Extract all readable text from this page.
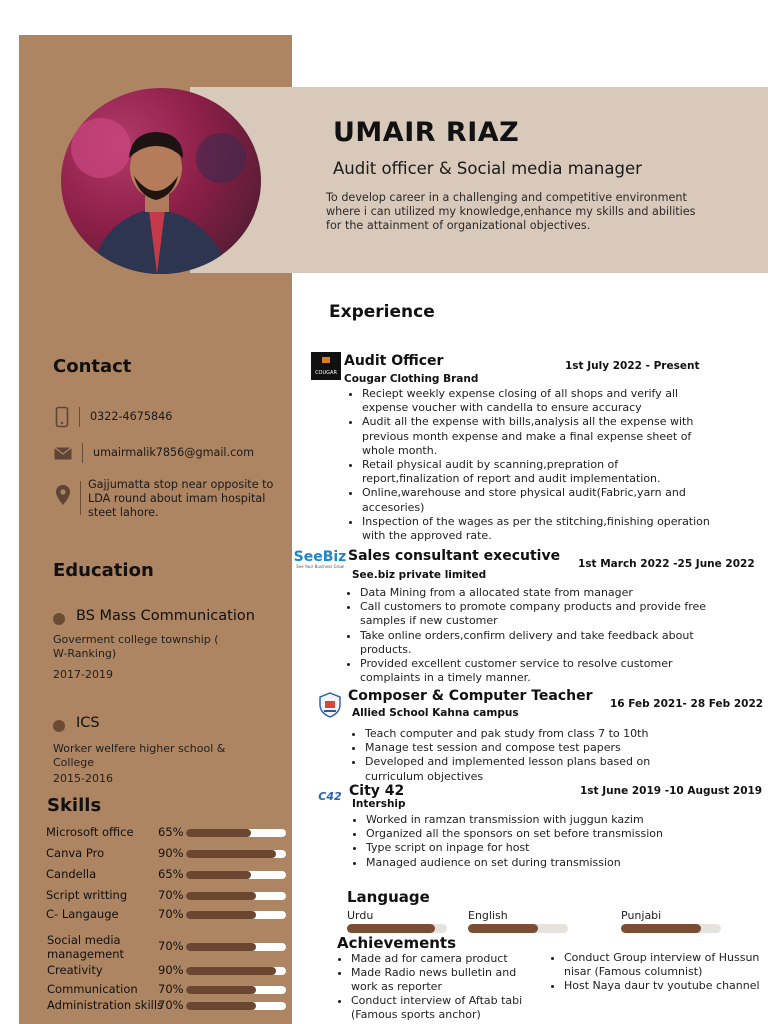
UMAIR RIAZ
Audit officer & Social media manager
To develop career in a challenging and competitive environment where i can utilized my knowledge,enhance my skills and abilities for the attainment of organizational objectives.
Contact
0322-4675846
umairmalik7856@gmail.com
Gajjumatta stop near opposite to LDA round about imam hospital steet lahore.
Education
BS Mass Communication
Goverment college township ( W-Ranking)
2017-2019
ICS
Worker welfere higher school & College
2015-2016
Skills
Microsoft office 65%
Canva Pro	90%
Candella	65%
Script writting	70%
C- Langauge	70%
Social media management
70%
Creativity	90%
Communication 70%
Administration skills
70%
Experience
COUGAR
Audit Officer	1st July 2022 - Present
Cougar Clothing Brand
• Reciept weekly expense closing of all shops and verify all expense voucher with candella to ensure accuracy
• Audit all the expense with bills,analysis all the expense with previous month expense and make a final expense sheet of whole month.
• Retail physical audit by scanning,prepration of report,finalization of report and audit implementation.
• Online,warehouse and store physical audit(Fabric,yarn and accesories)
• Inspection of the wages as per the stitching,finishing operation with the approved rate.
SeeBiz
See Your Business Grow
Sales consultant executive 1st March 2022 -25 June 2022
See.biz private limited
• Data Mining from a allocated state from manager
• Call customers to promote company products and provide free samples if new customer
• Take online orders,confirm delivery and take feedback about products.
• Provided excellent customer service to resolve customer complaints in a timely manner.
Composer & Computer Teacher 16 Feb 2021- 28 Feb 2022
Allied School Kahna campus
• Teach computer and pak study from class 7 to 10th
• Manage test session and compose test papers
• Developed and implemented lesson plans based on curriculum objectives
C42 City 42	1st June 2019 -10 August 2019
Intership
• Worked in ramzan transmission with juggun kazim
• Organized all the sponsors on set before transmission
• Type script on inpage for host
• Managed audience on set during transmission
Language
Urdu	English	Punjabi
Achievements
• Made ad for camera product
• Made Radio news bulletin and work as reporter
• Conduct interview of Aftab tabi (Famous sports anchor)
• Conduct Group interview of Hussun nisar (Famous columnist)
• Host Naya daur tv youtube channel
